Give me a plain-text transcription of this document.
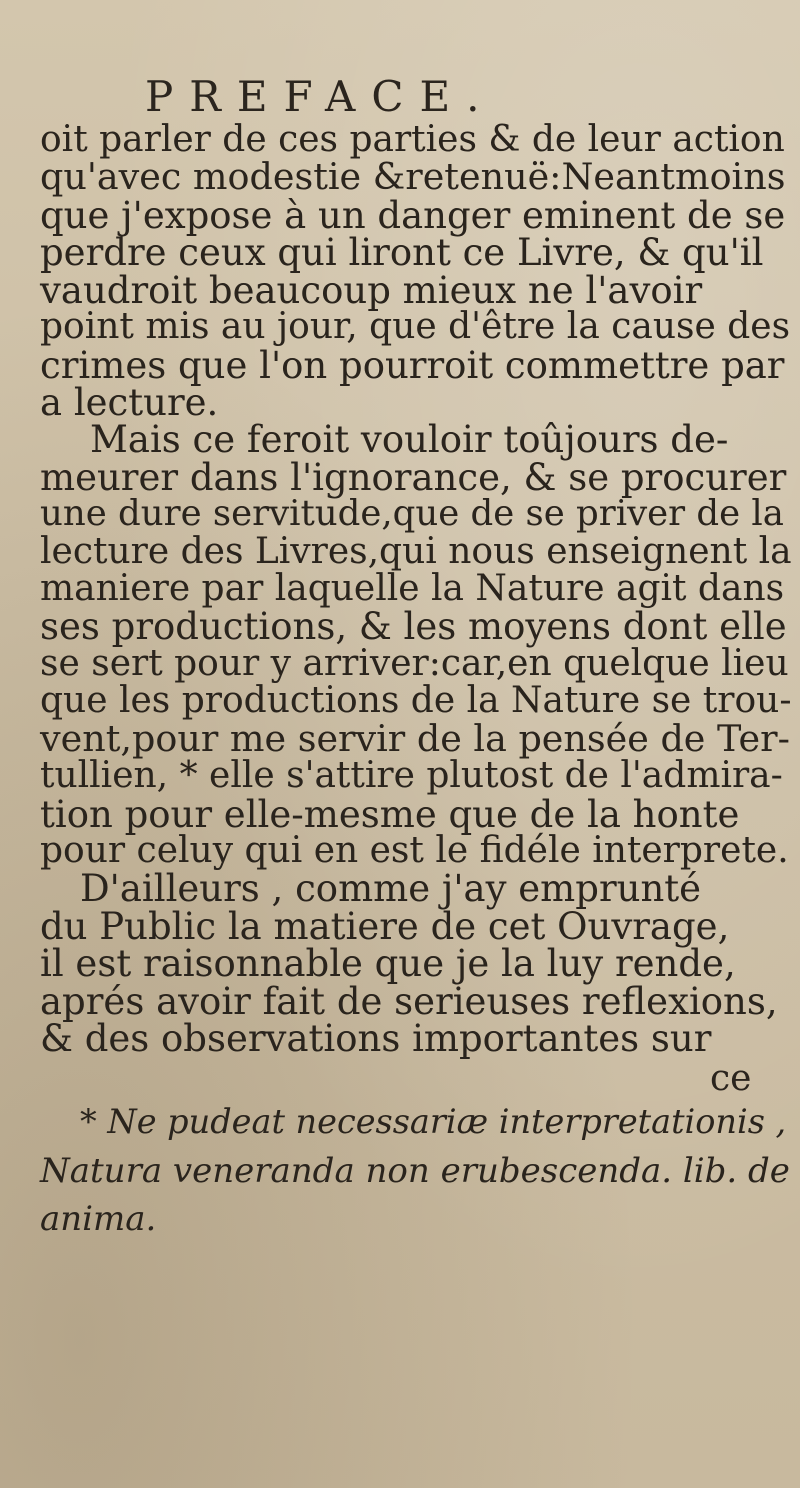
PREFACE.
oit parler de ces parties & de leur action
qu'avec modestie &retenuë:Neantmoins
que j'expose à un danger eminent de se
perdre ceux qui liront ce Livre, & qu'il
vaudroit beaucoup mieux ne l'avoir
point mis au jour, que d'être la cause des
crimes que l'on pourroit commettre par
a lecture.
Mais ce feroit vouloir toûjours de-
meurer dans l'ignorance, & se procurer
une dure servitude,que de se priver de la
lecture des Livres,qui nous enseignent la
maniere par laquelle la Nature agit dans
ses productions, & les moyens dont elle
se sert pour y arriver:car,en quelque lieu
que les productions de la Nature se trou-
vent,pour me servir de la pensée de Ter-
tullien, * elle s'attire plutost de l'admira-
tion pour elle-mesme que de la honte
pour celuy qui en est le fidéle interprete.
D'ailleurs , comme j'ay emprunté
du Public la matiere de cet Ouvrage,
il est raisonnable que je la luy rende,
aprés avoir fait de serieuses reflexions,
& des observations importantes sur
ce
* Ne pudeat necessariæ interpretationis ,
Natura veneranda non erubescenda. lib. de
anima.
